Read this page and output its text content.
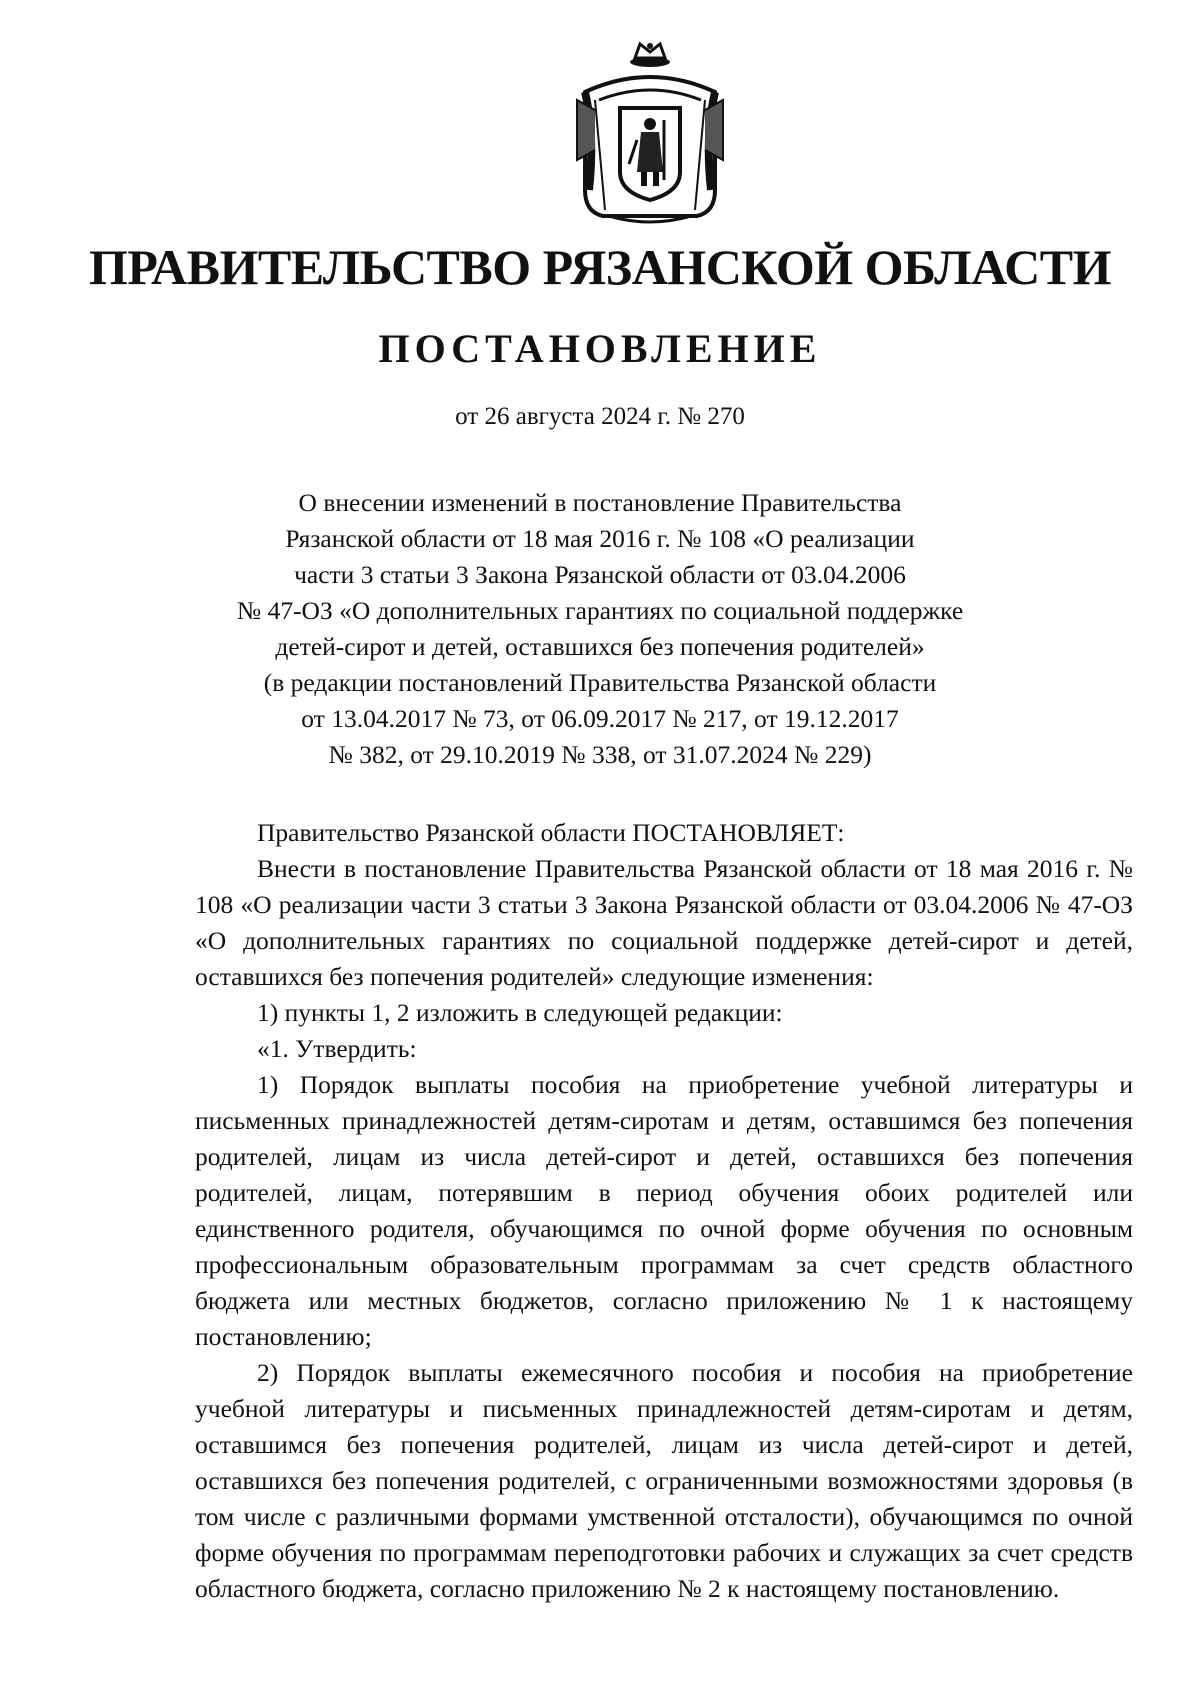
ПРАВИТЕЛЬСТВО РЯЗАНСКОЙ ОБЛАСТИ
ПОСТАНОВЛЕНИЕ
от 26 августа 2024 г. № 270
О внесении изменений в постановление Правительства
Рязанской области от 18 мая 2016 г. № 108 «О реализации
части 3 статьи 3 Закона Рязанской области от 03.04.2006
№ 47-ОЗ «О дополнительных гарантиях по социальной поддержке
детей-сирот и детей, оставшихся без попечения родителей»
(в редакции постановлений Правительства Рязанской области
от 13.04.2017 № 73, от 06.09.2017 № 217, от 19.12.2017
№ 382, от 29.10.2019 № 338, от 31.07.2024 № 229)

Правительство Рязанской области ПОСТАНОВЛЯЕТ:

Внести в постановление Правительства Рязанской области от 18 мая 2016 г. № 108 «О реализации части 3 статьи 3 Закона Рязанской области от 03.04.2006 № 47-ОЗ «О дополнительных гарантиях по социальной поддержке детей-сирот и детей, оставшихся без попечения родителей» следующие изменения:

1) пункты 1, 2 изложить в следующей редакции:

«1. Утвердить:

1) Порядок выплаты пособия на приобретение учебной литературы и письменных принадлежностей детям-сиротам и детям, оставшимся без попечения родителей, лицам из числа детей-сирот и детей, оставшихся без попечения родителей, лицам, потерявшим в период обучения обоих родителей или единственного родителя, обучающимся по очной форме обучения по основным профессиональным образовательным программам за счет средств областного бюджета или местных бюджетов, согласно приложению № 1 к настоящему постановлению;

2) Порядок выплаты ежемесячного пособия и пособия на приобретение учебной литературы и письменных принадлежностей детям-сиротам и детям, оставшимся без попечения родителей, лицам из числа детей-сирот и детей, оставшихся без попечения родителей, с ограниченными возможностями здоровья (в том числе с различными формами умственной отсталости), обучающимся по очной форме обучения по программам переподготовки рабочих и служащих за счет средств областного бюджета, согласно приложению № 2 к настоящему постановлению.
